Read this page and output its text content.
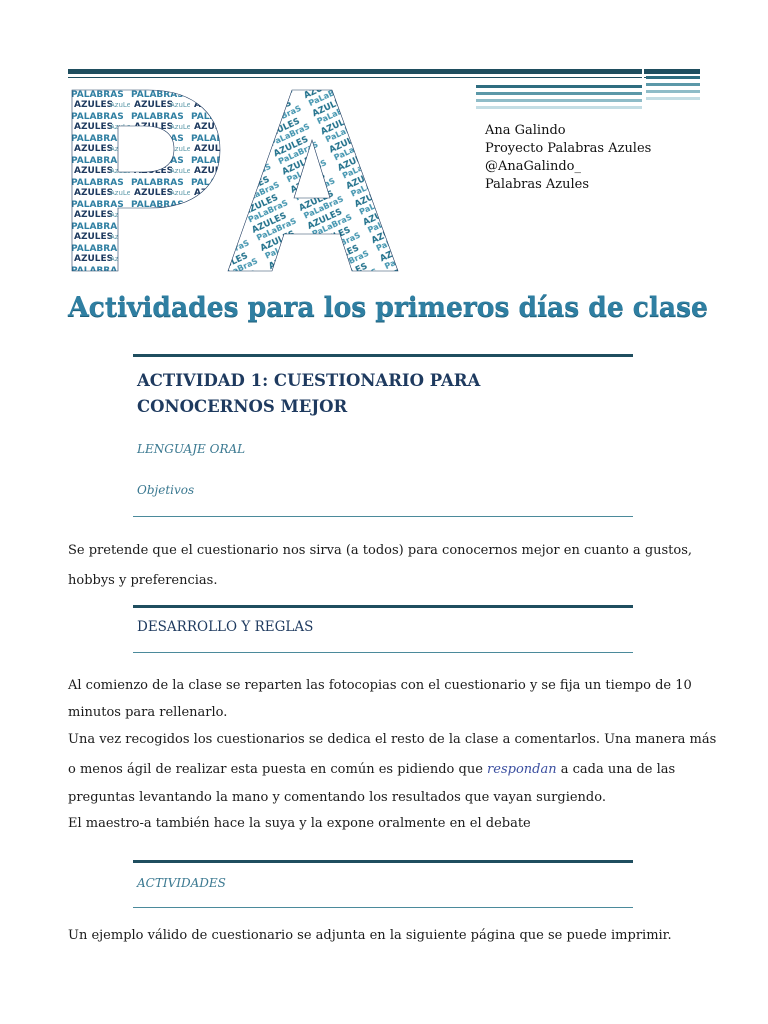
Ana Galindo
Proyecto Palabras Azules
@AnaGalindo_
Palabras Azules
Actividades para los primeros días de clase
ACTIVIDAD 1: CUESTIONARIO PARA
CONOCERNOS MEJOR
LENGUAJE ORAL
Objetivos
Se pretende que el cuestionario nos sirva (a todos) para conocernos mejor en cuanto a gustos,
hobbys y preferencias.
DESARROLLO Y REGLAS
Al comienzo de la clase se reparten las fotocopias con el cuestionario y se fija un tiempo de 10
minutos para rellenarlo.
Una vez recogidos los cuestionarios se dedica el resto de la clase a comentarlos. Una manera más
o menos ágil de realizar esta puesta en común es pidiendo que respondan a cada una de las
preguntas levantando la mano y comentando los resultados que vayan surgiendo.
El maestro-a también hace la suya y la expone oralmente en el debate
ACTIVIDADES
Un ejemplo válido de cuestionario se adjunta en la siguiente página que se puede imprimir.
